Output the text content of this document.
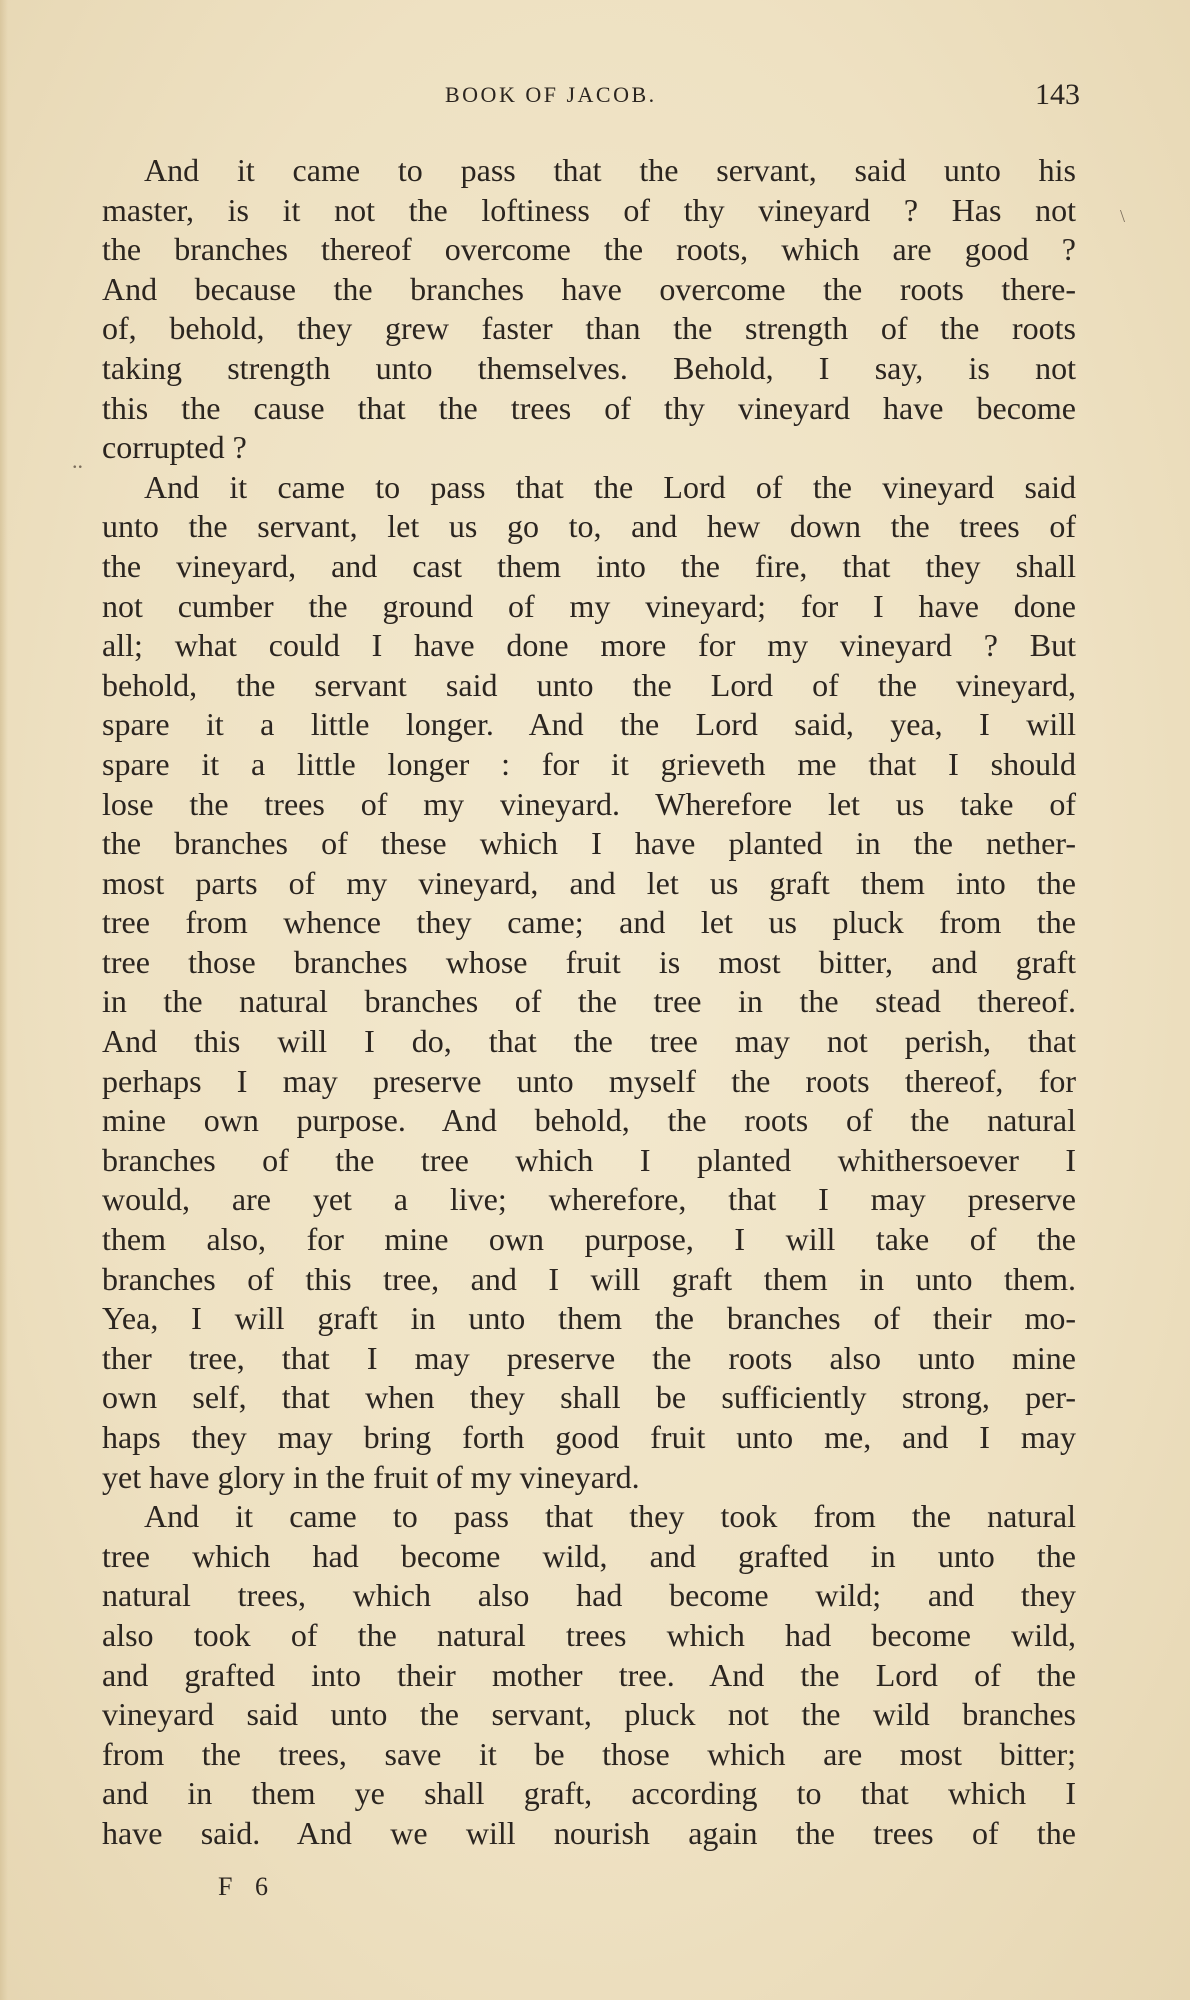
BOOK OF JACOB.	143
..
\
And it came to pass that the servant, said unto his
master, is it not the loftiness of thy vineyard ? Has not
the branches thereof overcome the roots, which are good ?
And because the branches have overcome the roots there-
of, behold, they grew faster than the strength of the roots
taking strength unto themselves. Behold, I say, is not
this the cause that the trees of thy vineyard have become
corrupted ?
And it came to pass that the Lord of the vineyard said
unto the servant, let us go to, and hew down the trees of
the vineyard, and cast them into the fire, that they shall
not cumber the ground of my vineyard; for I have done
all; what could I have done more for my vineyard ? But
behold, the servant said unto the Lord of the vineyard,
spare it a little longer. And the Lord said, yea, I will
spare it a little longer : for it grieveth me that I should
lose the trees of my vineyard. Wherefore let us take of
the branches of these which I have planted in the nether-
most parts of my vineyard, and let us graft them into the
tree from whence they came; and let us pluck from the
tree those branches whose fruit is most bitter, and graft
in the natural branches of the tree in the stead thereof.
And this will I do, that the tree may not perish, that
perhaps I may preserve unto myself the roots thereof, for
mine own purpose. And behold, the roots of the natural
branches of the tree which I planted whithersoever I
would, are yet a live; wherefore, that I may preserve
them also, for mine own purpose, I will take of the
branches of this tree, and I will graft them in unto them.
Yea, I will graft in unto them the branches of their mo-
ther tree, that I may preserve the roots also unto mine
own self, that when they shall be sufficiently strong, per-
haps they may bring forth good fruit unto me, and I may
yet have glory in the fruit of my vineyard.
And it came to pass that they took from the natural
tree which had become wild, and grafted in unto the
natural trees, which also had become wild; and they
also took of the natural trees which had become wild,
and grafted into their mother tree. And the Lord of the
vineyard said unto the servant, pluck not the wild branches
from the trees, save it be those which are most bitter;
and in them ye shall graft, according to that which I
have said. And we will nourish again the trees of the
F 6
